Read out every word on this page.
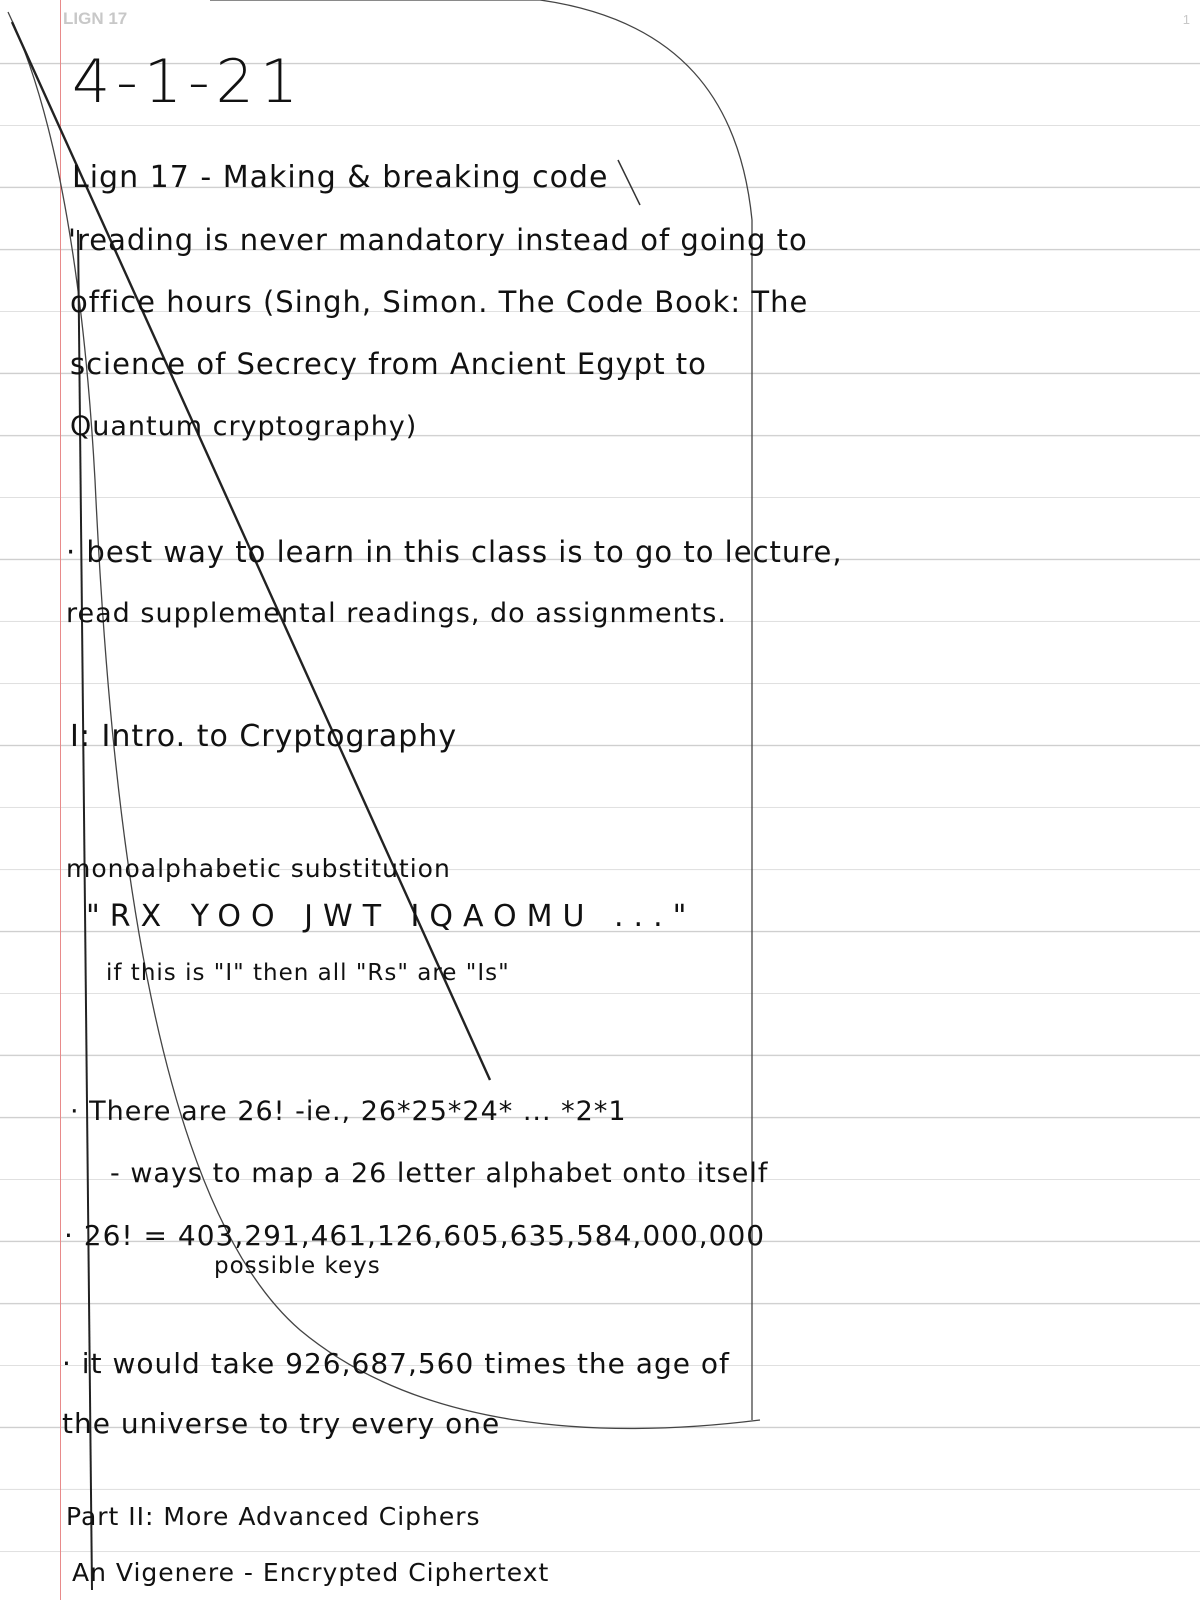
LIGN 17	1

4-1-21

Lign 17 - Making & breaking code

'reading is never mandatory instead of going to

office hours (Singh, Simon. The Code Book: The

science of Secrecy from Ancient Egypt to

Quantum cryptography)

· best way to learn in this class is to go to lecture,

read supplemental readings, do assignments.

I: Intro. to Cryptography

monoalphabetic substitution

"RX YOO JWT IQAOMU ..."

if this is "I" then all "Rs" are "Is"

· There are 26! -ie., 26*25*24* ... *2*1

- ways to map a 26 letter alphabet onto itself

· 26! = 403,291,461,126,605,635,584,000,000

possible keys

· it would take 926,687,560 times the age of

the universe to try every one

Part II: More Advanced Ciphers

An Vigenere - Encrypted Ciphertext
